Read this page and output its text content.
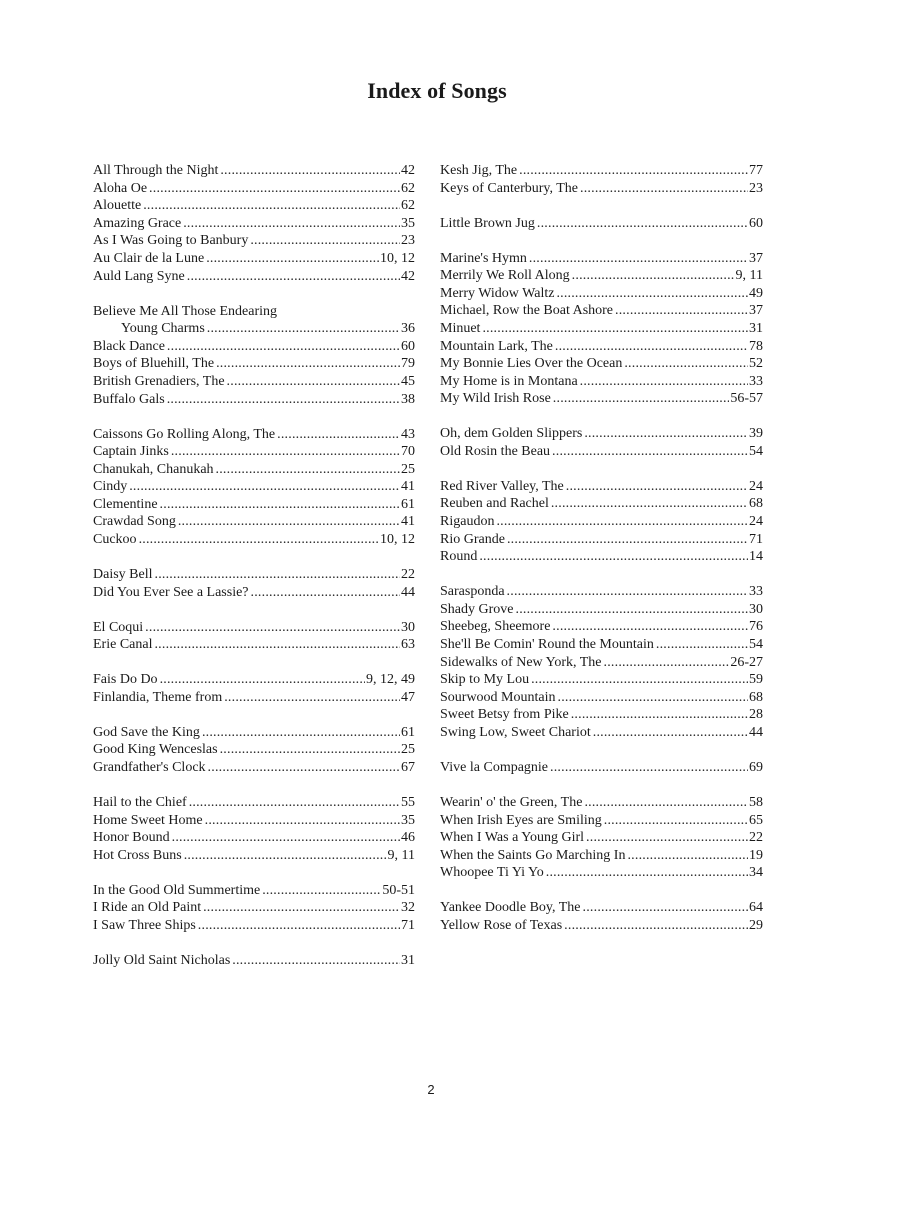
Index of Songs
All Through the Night .....	42
Aloha Oe .....	62
Alouette .....	62
Amazing Grace .....	35
As I Was Going to Banbury .....	23
Au Clair de la Lune .....	10, 12
Auld Lang Syne .....	42
Believe Me All Those Endearing
Young Charms .....	36
Black Dance .....	60
Boys of Bluehill, The .....	79
British Grenadiers, The .....	45
Buffalo Gals .....	38
Caissons Go Rolling Along, The .....	43
Captain Jinks .....	70
Chanukah, Chanukah .....	25
Cindy .....	41
Clementine .....	61
Crawdad Song .....	41
Cuckoo .....	10, 12
Daisy Bell .....	22
Did You Ever See a Lassie? .....	44
El Coqui .....	30
Erie Canal .....	63
Fais Do Do .....	9, 12, 49
Finlandia, Theme from .....	47
God Save the King .....	61
Good King Wenceslas .....	25
Grandfather's Clock .....	67
Hail to the Chief .....	55
Home Sweet Home .....	35
Honor Bound .....	46
Hot Cross Buns .....	9, 11
In the Good Old Summertime .....	50-51
I Ride an Old Paint .....	32
I Saw Three Ships .....	71
Jolly Old Saint Nicholas .....	31
Kesh Jig, The .....	77
Keys of Canterbury, The .....	23
Little Brown Jug .....	60
Marine's Hymn .....	37
Merrily We Roll Along .....	9, 11
Merry Widow Waltz .....	49
Michael, Row the Boat Ashore .....	37
Minuet .....	31
Mountain Lark, The .....	78
My Bonnie Lies Over the Ocean .....	52
My Home is in Montana .....	33
My Wild Irish Rose .....	56-57
Oh, dem Golden Slippers .....	39
Old Rosin the Beau .....	54
Red River Valley, The .....	24
Reuben and Rachel .....	68
Rigaudon .....	24
Rio Grande .....	71
Round .....	14
Sarasponda .....	33
Shady Grove .....	30
Sheebeg, Sheemore .....	76
She'll Be Comin' Round the Mountain .....	54
Sidewalks of New York, The .....	26-27
Skip to My Lou .....	59
Sourwood Mountain .....	68
Sweet Betsy from Pike .....	28
Swing Low, Sweet Chariot .....	44
Vive la Compagnie .....	69
Wearin' o' the Green, The .....	58
When Irish Eyes are Smiling .....	65
When I Was a Young Girl .....	22
When the Saints Go Marching In .....	19
Whoopee Ti Yi Yo .....	34
Yankee Doodle Boy, The .....	64
Yellow Rose of Texas .....	29
2
